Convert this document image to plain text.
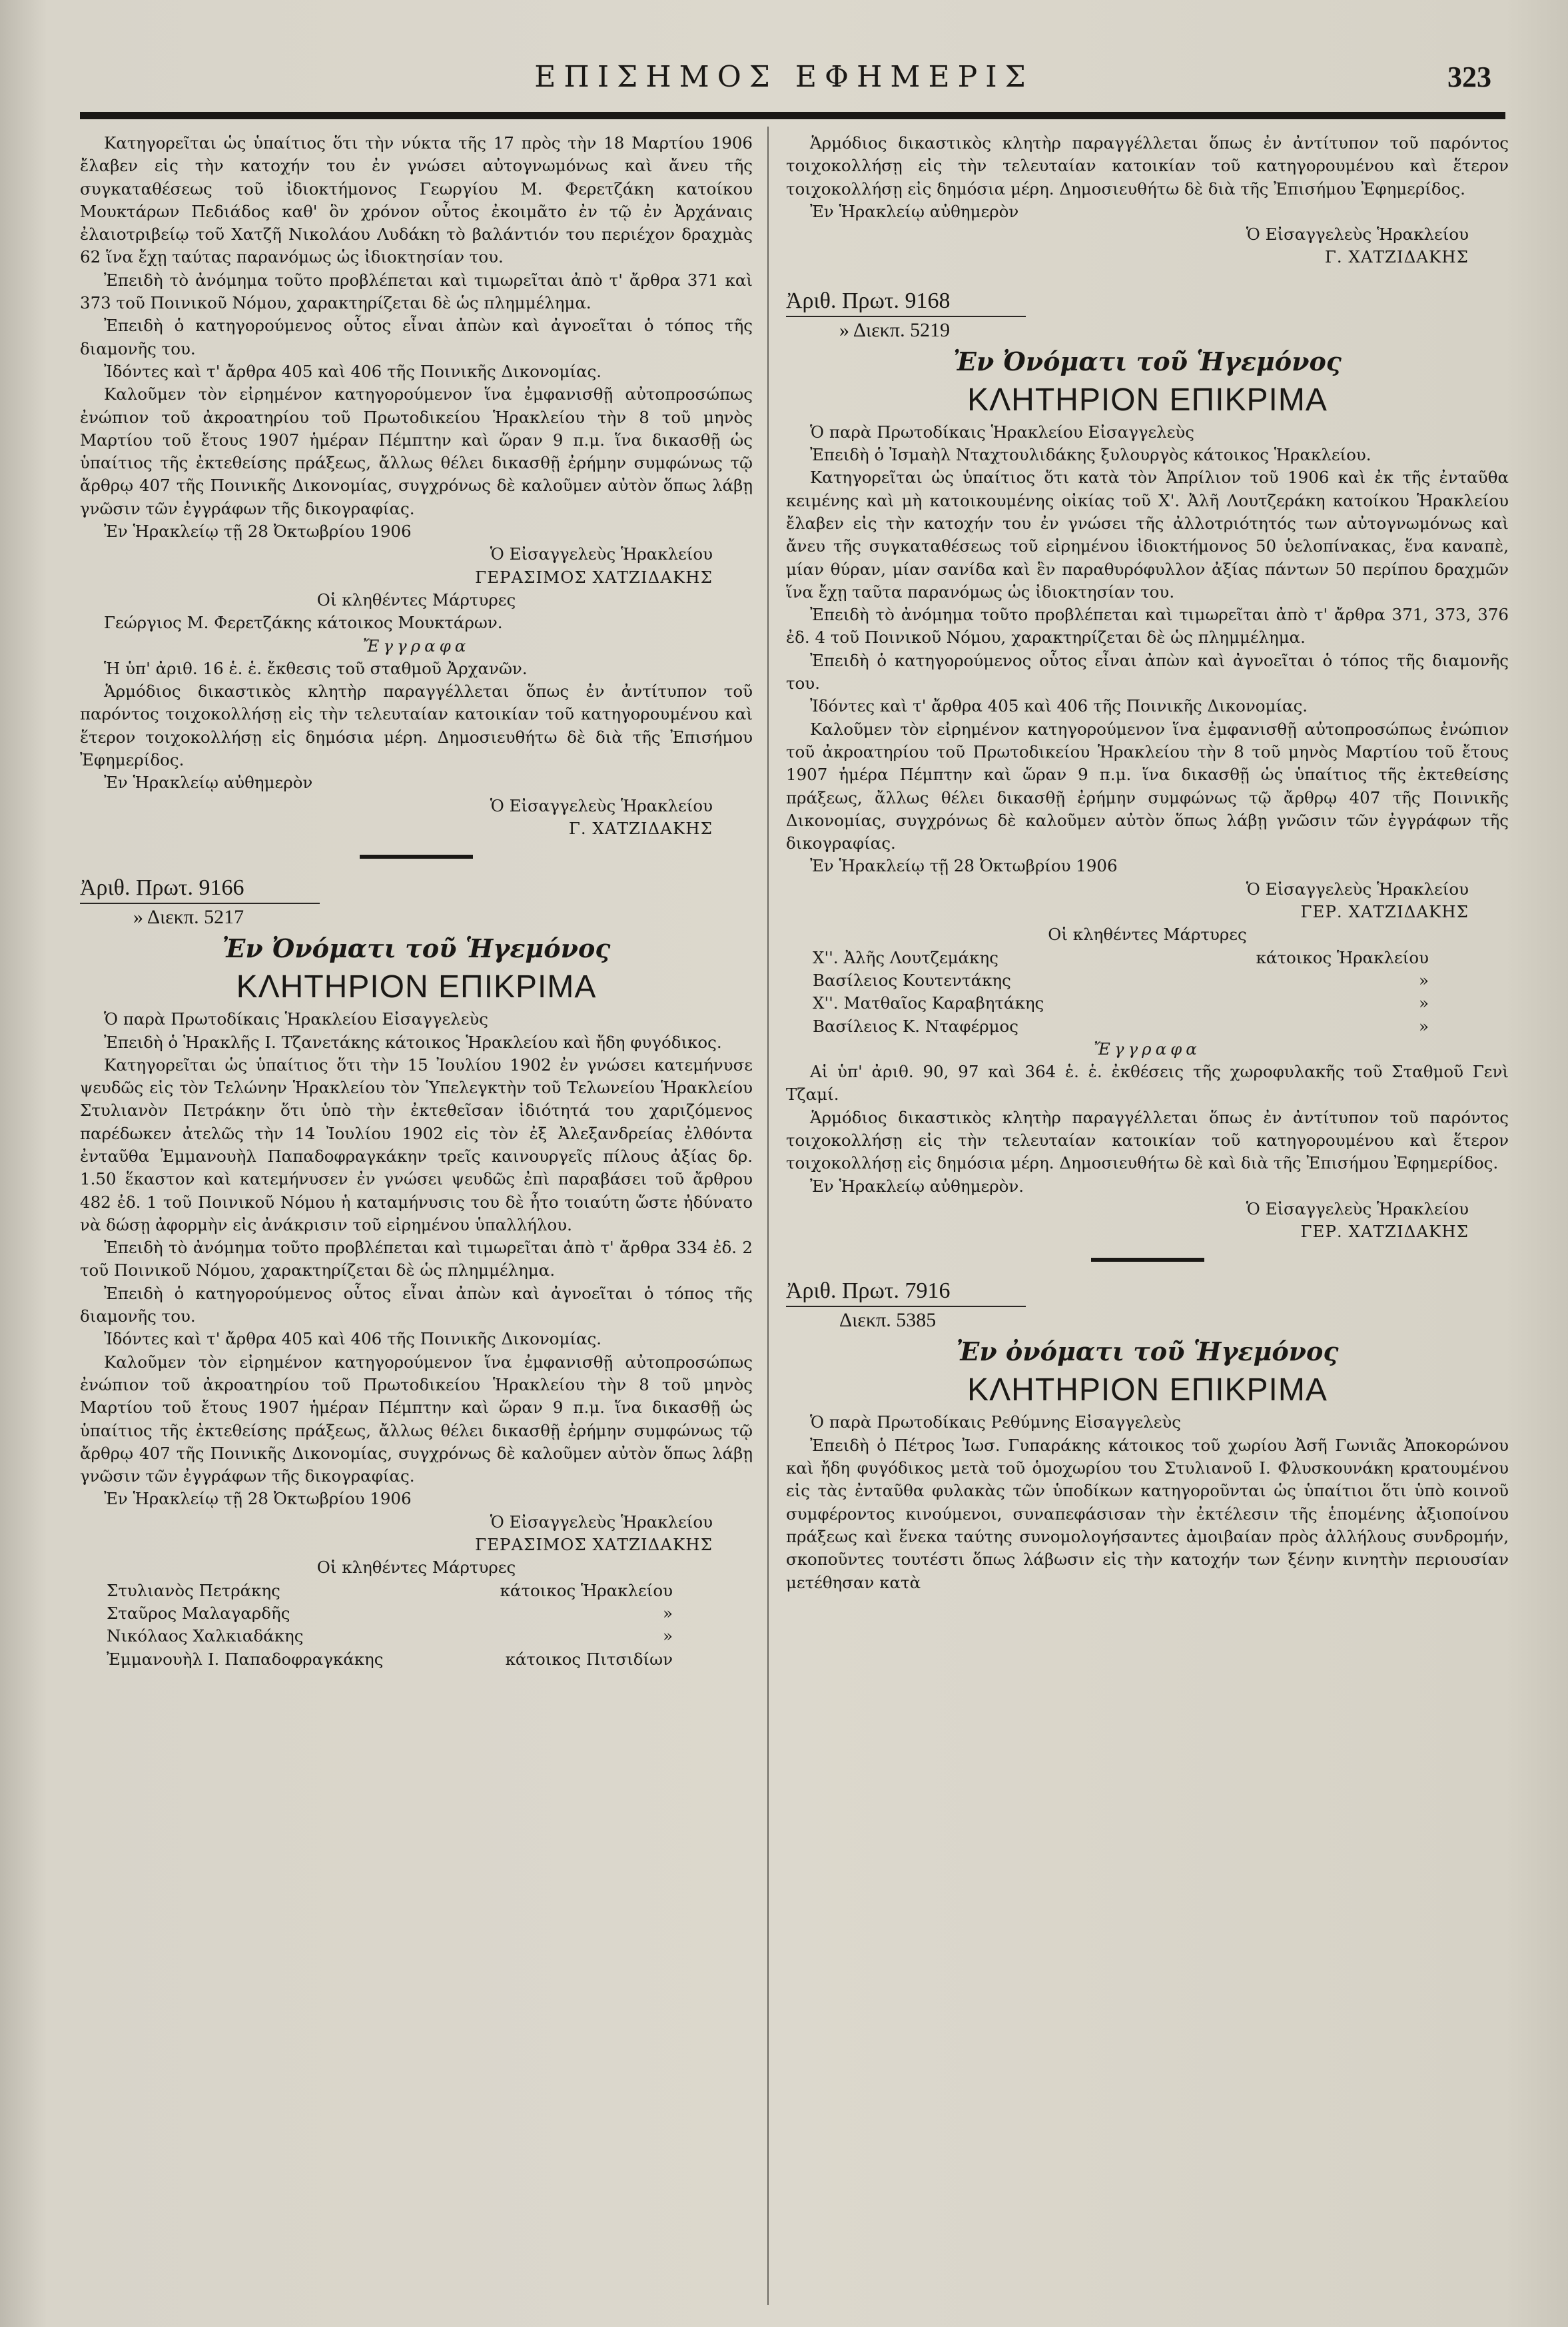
ΕΠΙΣΗΜΟΣ ΕΦΗΜΕΡΙΣ	323

Κατηγορεῖται ὡς ὑπαίτιος ὅτι τὴν νύκτα τῆς 17 πρὸς τὴν 18 Μαρτίου 1906 ἔλαβεν εἰς τὴν κατοχήν του ἐν γνώσει αὐτογνωμόνως καὶ ἄνευ τῆς συγκαταθέσεως τοῦ ἰδιοκτήμονος Γεωργίου Μ. Φερετζάκη κατοίκου Μουκτάρων Πεδιάδος καθ' ὃν χρόνον οὗτος ἐκοιμᾶτο ἐν τῷ ἐν Ἀρχάναις ἐλαιοτριβείῳ τοῦ Χατζῆ Νικολάου Λυδάκη τὸ βαλάντιόν του περιέχον δραχμὰς 62 ἵνα ἔχῃ ταύτας παρανόμως ὡς ἰδιοκτησίαν του.

Ἐπειδὴ τὸ ἀνόμημα τοῦτο προβλέπεται καὶ τιμωρεῖται ἀπὸ τ' ἄρθρα 371 καὶ 373 τοῦ Ποινικοῦ Νόμου, χαρακτηρίζεται δὲ ὡς πλημμέλημα.

Ἐπειδὴ ὁ κατηγορούμενος οὗτος εἶναι ἀπὼν καὶ ἀγνοεῖται ὁ τόπος τῆς διαμονῆς του.

Ἰδόντες καὶ τ' ἄρθρα 405 καὶ 406 τῆς Ποινικῆς Δικονομίας.

Καλοῦμεν τὸν εἰρημένον κατηγορούμενον ἵνα ἐμφανισθῇ αὐτοπροσώπως ἐνώπιον τοῦ ἀκροατηρίου τοῦ Πρωτοδικείου Ἡρακλείου τὴν 8 τοῦ μηνὸς Μαρτίου τοῦ ἔτους 1907 ἡμέραν Πέμπτην καὶ ὥραν 9 π.μ. ἵνα δικασθῇ ὡς ὑπαίτιος τῆς ἐκτεθείσης πράξεως, ἄλλως θέλει δικασθῇ ἐρήμην συμφώνως τῷ ἄρθρῳ 407 τῆς Ποινικῆς Δικονομίας, συγχρόνως δὲ καλοῦμεν αὐτὸν ὅπως λάβῃ γνῶσιν τῶν ἐγγράφων τῆς δικογραφίας.

Ἐν Ἡρακλείῳ τῇ 28 Ὀκτωβρίου 1906

Ὁ Εἰσαγγελεὺς Ἡρακλείου

ΓΕΡΑΣΙΜΟΣ ΧΑΤΖΙΔΑΚΗΣ

Οἱ κληθέντες Μάρτυρες

Γεώργιος Μ. Φερετζάκης κάτοικος Μουκτάρων.

Ἔγγραφα

Ἡ ὑπ' ἀριθ. 16 ἑ. ἑ. ἔκθεσις τοῦ σταθμοῦ Ἀρχανῶν.

Ἁρμόδιος δικαστικὸς κλητὴρ παραγγέλλεται ὅπως ἐν ἀντίτυπον τοῦ παρόντος τοιχοκολλήσῃ εἰς τὴν τελευταίαν κατοικίαν τοῦ κατηγορουμένου καὶ ἕτερον τοιχοκολλήσῃ εἰς δημόσια μέρη. Δημοσιευθήτω δὲ διὰ τῆς Ἐπισήμου Ἐφημερίδος.

Ἐν Ἡρακλείῳ αὐθημερὸν

Ὁ Εἰσαγγελεὺς Ἡρακλείου

Γ. ΧΑΤΖΙΔΑΚΗΣ

Ἀριθ. Πρωτ. 9166

» Διεκπ. 5217

Ἐν Ὀνόματι τοῦ Ἡγεμόνος

ΚΛΗΤΗΡΙΟΝ ΕΠΙΚΡΙΜΑ

Ὁ παρὰ Πρωτοδίκαις Ἡρακλείου Εἰσαγγελεὺς

Ἐπειδὴ ὁ Ἡρακλῆς Ι. Τζανετάκης κάτοικος Ἡρακλείου καὶ ἤδη φυγόδικος.

Κατηγορεῖται ὡς ὑπαίτιος ὅτι τὴν 15 Ἰουλίου 1902 ἐν γνώσει κατεμήνυσε ψευδῶς εἰς τὸν Τελώνην Ἡρακλείου τὸν Ὑπελεγκτὴν τοῦ Τελωνείου Ἡρακλείου Στυλιανὸν Πετράκην ὅτι ὑπὸ τὴν ἐκτεθεῖσαν ἰδιότητά του χαριζόμενος παρέδωκεν ἀτελῶς τὴν 14 Ἰουλίου 1902 εἰς τὸν ἐξ Ἀλεξανδρείας ἐλθόντα ἐνταῦθα Ἐμμανουὴλ Παπαδοφραγκάκην τρεῖς καινουργεῖς πίλους ἀξίας δρ. 1.50 ἕκαστον καὶ κατεμήνυσεν ἐν γνώσει ψευδῶς ἐπὶ παραβάσει τοῦ ἄρθρου 482 ἐδ. 1 τοῦ Ποινικοῦ Νόμου ἡ καταμήνυσις του δὲ ἦτο τοιαύτη ὥστε ἠδύνατο νὰ δώσῃ ἀφορμὴν εἰς ἀνάκρισιν τοῦ εἰρημένου ὑπαλλήλου.

Ἐπειδὴ τὸ ἀνόμημα τοῦτο προβλέπεται καὶ τιμωρεῖται ἀπὸ τ' ἄρθρα 334 ἐδ. 2 τοῦ Ποινικοῦ Νόμου, χαρακτηρίζεται δὲ ὡς πλημμέλημα.

Ἐπειδὴ ὁ κατηγορούμενος οὗτος εἶναι ἀπὼν καὶ ἀγνοεῖται ὁ τόπος τῆς διαμονῆς του.

Ἰδόντες καὶ τ' ἄρθρα 405 καὶ 406 τῆς Ποινικῆς Δικονομίας.

Καλοῦμεν τὸν εἰρημένον κατηγορούμενον ἵνα ἐμφανισθῇ αὐτοπροσώπως ἐνώπιον τοῦ ἀκροατηρίου τοῦ Πρωτοδικείου Ἡρακλείου τὴν 8 τοῦ μηνὸς Μαρτίου τοῦ ἔτους 1907 ἡμέραν Πέμπτην καὶ ὥραν 9 π.μ. ἵνα δικασθῇ ὡς ὑπαίτιος τῆς ἐκτεθείσης πράξεως, ἄλλως θέλει δικασθῇ ἐρήμην συμφώνως τῷ ἄρθρῳ 407 τῆς Ποινικῆς Δικονομίας, συγχρόνως δὲ καλοῦμεν αὐτὸν ὅπως λάβῃ γνῶσιν τῶν ἐγγράφων τῆς δικογραφίας.

Ἐν Ἡρακλείῳ τῇ 28 Ὀκτωβρίου 1906

Ὁ Εἰσαγγελεὺς Ἡρακλείου

ΓΕΡΑΣΙΜΟΣ ΧΑΤΖΙΔΑΚΗΣ

Οἱ κληθέντες Μάρτυρες

Στυλιανὸς Πετράκης	κάτοικος Ἡρακλείου
Σταῦρος Μαλαγαρδῆς	»
Νικόλαος Χαλκιαδάκης	»
Ἐμμανουὴλ Ι. Παπαδοφραγκάκης	κάτοικος Πιτσιδίων

Ἁρμόδιος δικαστικὸς κλητὴρ παραγγέλλεται ὅπως ἐν ἀντίτυπον τοῦ παρόντος τοιχοκολλήσῃ εἰς τὴν τελευταίαν κατοικίαν τοῦ κατηγορουμένου καὶ ἕτερον τοιχοκολλήσῃ εἰς δημόσια μέρη. Δημοσιευθήτω δὲ διὰ τῆς Ἐπισήμου Ἐφημερίδος.

Ἐν Ἡρακλείῳ αὐθημερὸν

Ὁ Εἰσαγγελεὺς Ἡρακλείου

Γ. ΧΑΤΖΙΔΑΚΗΣ

Ἀριθ. Πρωτ. 9168

» Διεκπ. 5219

Ἐν Ὀνόματι τοῦ Ἡγεμόνος

ΚΛΗΤΗΡΙΟΝ ΕΠΙΚΡΙΜΑ

Ὁ παρὰ Πρωτοδίκαις Ἡρακλείου Εἰσαγγελεὺς

Ἐπειδὴ ὁ Ἰσμαὴλ Νταχτουλιδάκης ξυλουργὸς κάτοικος Ἡρακλείου.

Κατηγορεῖται ὡς ὑπαίτιος ὅτι κατὰ τὸν Ἀπρίλιον τοῦ 1906 καὶ ἐκ τῆς ἐνταῦθα κειμένης καὶ μὴ κατοικουμένης οἰκίας τοῦ Χ'. Ἀλῆ Λουτζεράκη κατοίκου Ἡρακλείου ἔλαβεν εἰς τὴν κατοχήν του ἐν γνώσει τῆς ἀλλοτριότητός των αὐτογνωμόνως καὶ ἄνευ τῆς συγκαταθέσεως τοῦ εἰρημένου ἰδιοκτήμονος 50 ὑελοπίνακας, ἕνα καναπὲ, μίαν θύραν, μίαν σανίδα καὶ ἓν παραθυρόφυλλον ἀξίας πάντων 50 περίπου δραχμῶν ἵνα ἔχῃ ταῦτα παρανόμως ὡς ἰδιοκτησίαν του.

Ἐπειδὴ τὸ ἀνόμημα τοῦτο προβλέπεται καὶ τιμωρεῖται ἀπὸ τ' ἄρθρα 371, 373, 376 ἐδ. 4 τοῦ Ποινικοῦ Νόμου, χαρακτηρίζεται δὲ ὡς πλημμέλημα.

Ἐπειδὴ ὁ κατηγορούμενος οὗτος εἶναι ἀπὼν καὶ ἀγνοεῖται ὁ τόπος τῆς διαμονῆς του.

Ἰδόντες καὶ τ' ἄρθρα 405 καὶ 406 τῆς Ποινικῆς Δικονομίας.

Καλοῦμεν τὸν εἰρημένον κατηγορούμενον ἵνα ἐμφανισθῇ αὐτοπροσώπως ἐνώπιον τοῦ ἀκροατηρίου τοῦ Πρωτοδικείου Ἡρακλείου τὴν 8 τοῦ μηνὸς Μαρτίου τοῦ ἔτους 1907 ἡμέρα Πέμπτην καὶ ὥραν 9 π.μ. ἵνα δικασθῇ ὡς ὑπαίτιος τῆς ἐκτεθείσης πράξεως, ἄλλως θέλει δικασθῇ ἐρήμην συμφώνως τῷ ἄρθρῳ 407 τῆς Ποινικῆς Δικονομίας, συγχρόνως δὲ καλοῦμεν αὐτὸν ὅπως λάβῃ γνῶσιν τῶν ἐγγράφων τῆς δικογραφίας.

Ἐν Ἡρακλείῳ τῇ 28 Ὀκτωβρίου 1906

Ὁ Εἰσαγγελεὺς Ἡρακλείου

ΓΕΡ. ΧΑΤΖΙΔΑΚΗΣ

Οἱ κληθέντες Μάρτυρες

Χ''. Ἀλῆς Λουτζεμάκης	κάτοικος Ἡρακλείου
Βασίλειος Κουτεντάκης	»
Χ''. Ματθαῖος Καραβητάκης	»
Βασίλειος Κ. Νταφέρμος	»

Ἔγγραφα

Αἱ ὑπ' ἀριθ. 90, 97 καὶ 364 ἑ. ἑ. ἐκθέσεις τῆς χωροφυλακῆς τοῦ Σταθμοῦ Γενὶ Τζαμί.

Ἁρμόδιος δικαστικὸς κλητὴρ παραγγέλλεται ὅπως ἐν ἀντίτυπον τοῦ παρόντος τοιχοκολλήσῃ εἰς τὴν τελευταίαν κατοικίαν τοῦ κατηγορουμένου καὶ ἕτερον τοιχοκολλήσῃ εἰς δημόσια μέρη. Δημοσιευθήτω δὲ καὶ διὰ τῆς Ἐπισήμου Ἐφημερίδος.

Ἐν Ἡρακλείῳ αὐθημερὸν.

Ὁ Εἰσαγγελεὺς Ἡρακλείου

ΓΕΡ. ΧΑΤΖΙΔΑΚΗΣ

Ἀριθ. Πρωτ. 7916

Διεκπ. 5385

Ἐν ὀνόματι τοῦ Ἡγεμόνος

ΚΛΗΤΗΡΙΟΝ ΕΠΙΚΡΙΜΑ

Ὁ παρὰ Πρωτοδίκαις Ρεθύμνης Εἰσαγγελεὺς

Ἐπειδὴ ὁ Πέτρος Ἰωσ. Γυπαράκης κάτοικος τοῦ χωρίου Ἀσῆ Γωνιᾶς Ἀποκορώνου καὶ ἤδη φυγόδικος μετὰ τοῦ ὁμοχωρίου του Στυλιανοῦ Ι. Φλυσκουνάκη κρατουμένου εἰς τὰς ἐνταῦθα φυλακὰς τῶν ὑποδίκων κατηγοροῦνται ὡς ὑπαίτιοι ὅτι ὑπὸ κοινοῦ συμφέροντος κινούμενοι, συναπεφάσισαν τὴν ἐκτέλεσιν τῆς ἑπομένης ἀξιοποίνου πράξεως καὶ ἕνεκα ταύτης συνομολογήσαντες ἀμοιβαίαν πρὸς ἀλλήλους συνδρομήν, σκοποῦντες τουτέστι ὅπως λάβωσιν εἰς τὴν κατοχήν των ξένην κινητὴν περιουσίαν μετέθησαν κατὰ
